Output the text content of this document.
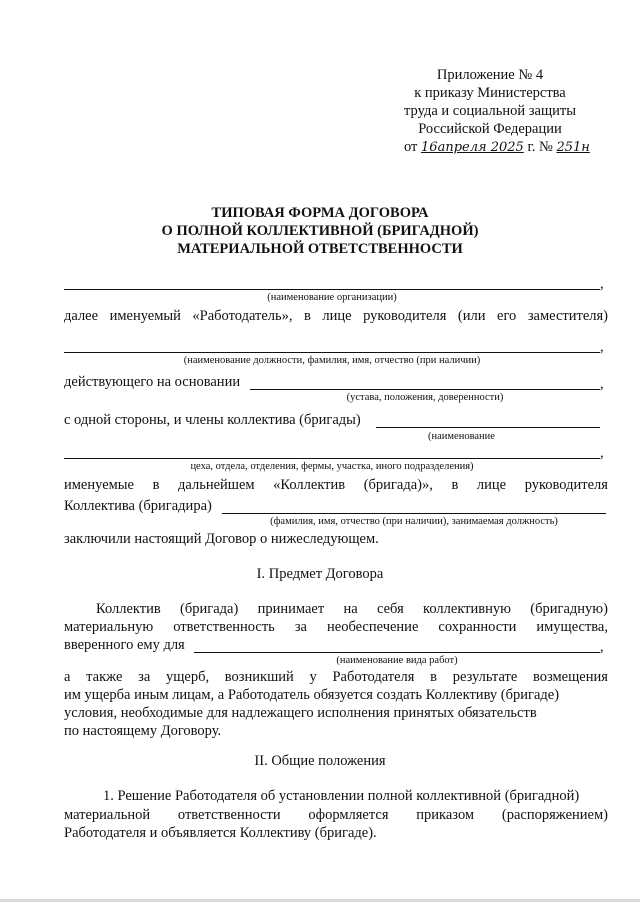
Приложение № 4
к приказу Министерства
труда и социальной защиты
Российской Федерации
от 16апреля 2025 г. № 251н
ТИПОВАЯ ФОРМА ДОГОВОРА
О ПОЛНОЙ КОЛЛЕКТИВНОЙ (БРИГАДНОЙ)
МАТЕРИАЛЬНОЙ ОТВЕТСТВЕННОСТИ
,
(наименование организации)
далее именуемый «Работодатель», в лице руководителя (или его заместителя)
,
(наименование должности, фамилия, имя, отчество (при наличии)
действующего на основании	,
(устава, положения, доверенности)
с одной стороны, и члены коллектива (бригады)
(наименование
,
цеха, отдела, отделения, фермы, участка, иного подразделения)
именуемые в дальнейшем «Коллектив (бригада)», в лице руководителя
Коллектива (бригадира)
(фамилия, имя, отчество (при наличии), занимаемая должность)
заключили настоящий Договор о нижеследующем.
I. Предмет Договора
Коллектив (бригада) принимает на себя коллективную (бригадную)
материальную ответственность за необеспечение сохранности имущества,
вверенного ему для	,
(наименование вида работ)
а также за ущерб, возникший у Работодателя в результате возмещения
им ущерба иным лицам, а Работодатель обязуется создать Коллективу (бригаде)
условия, необходимые для надлежащего исполнения принятых обязательств
по настоящему Договору.
II. Общие положения
1. Решение Работодателя об установлении полной коллективной (бригадной)
материальной ответственности оформляется приказом (распоряжением)
Работодателя и объявляется Коллективу (бригаде).
